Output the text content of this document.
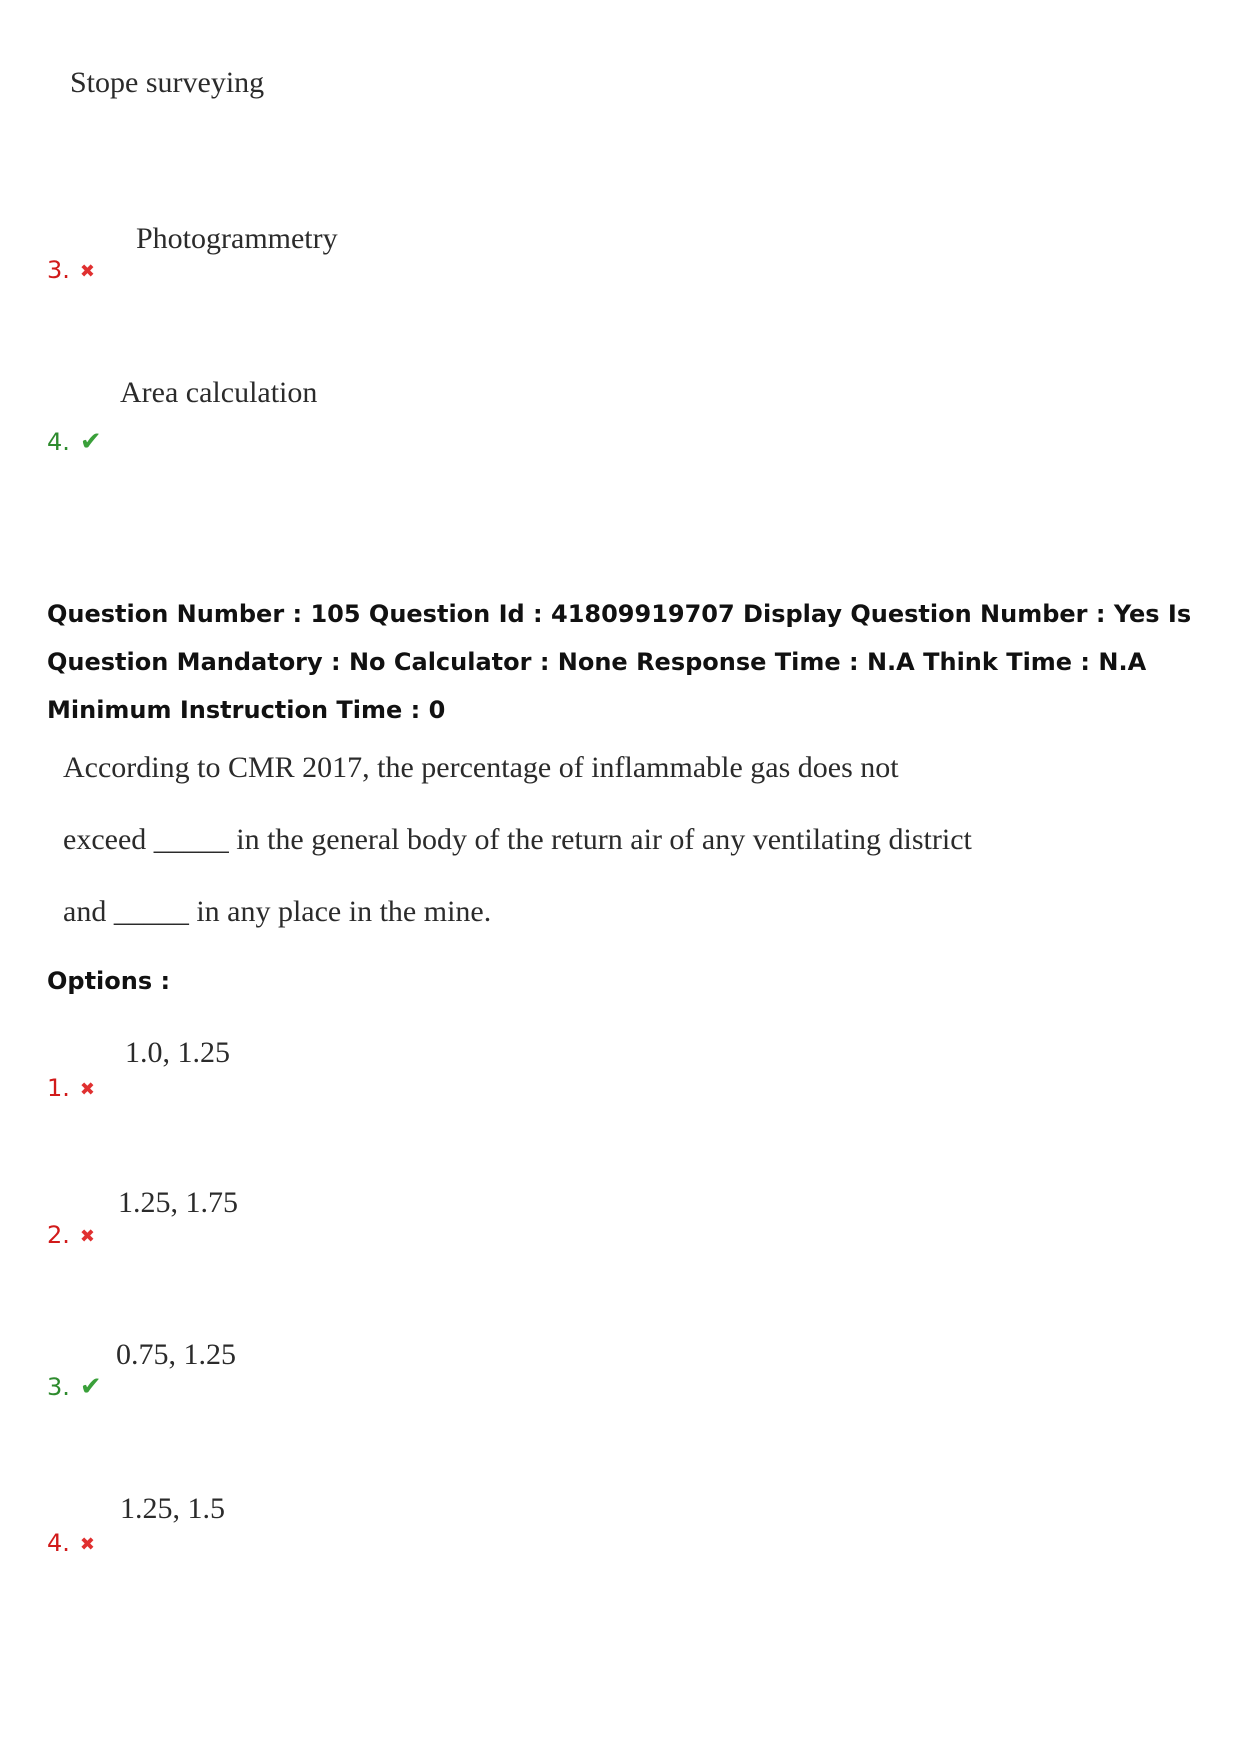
Stope surveying
Photogrammetry
3. ✖
Area calculation
4. ✔
Question Number : 105 Question Id : 41809919707 Display Question Number : Yes Is Question Mandatory : No Calculator : None Response Time : N.A Think Time : N.A Minimum Instruction Time : 0
According to CMR 2017, the percentage of inflammable gas does not
exceed _____ in the general body of the return air of any ventilating district
and _____ in any place in the mine.
Options :
1.0, 1.25
1. ✖
1.25, 1.75
2. ✖
0.75, 1.25
3. ✔
1.25, 1.5
4. ✖
